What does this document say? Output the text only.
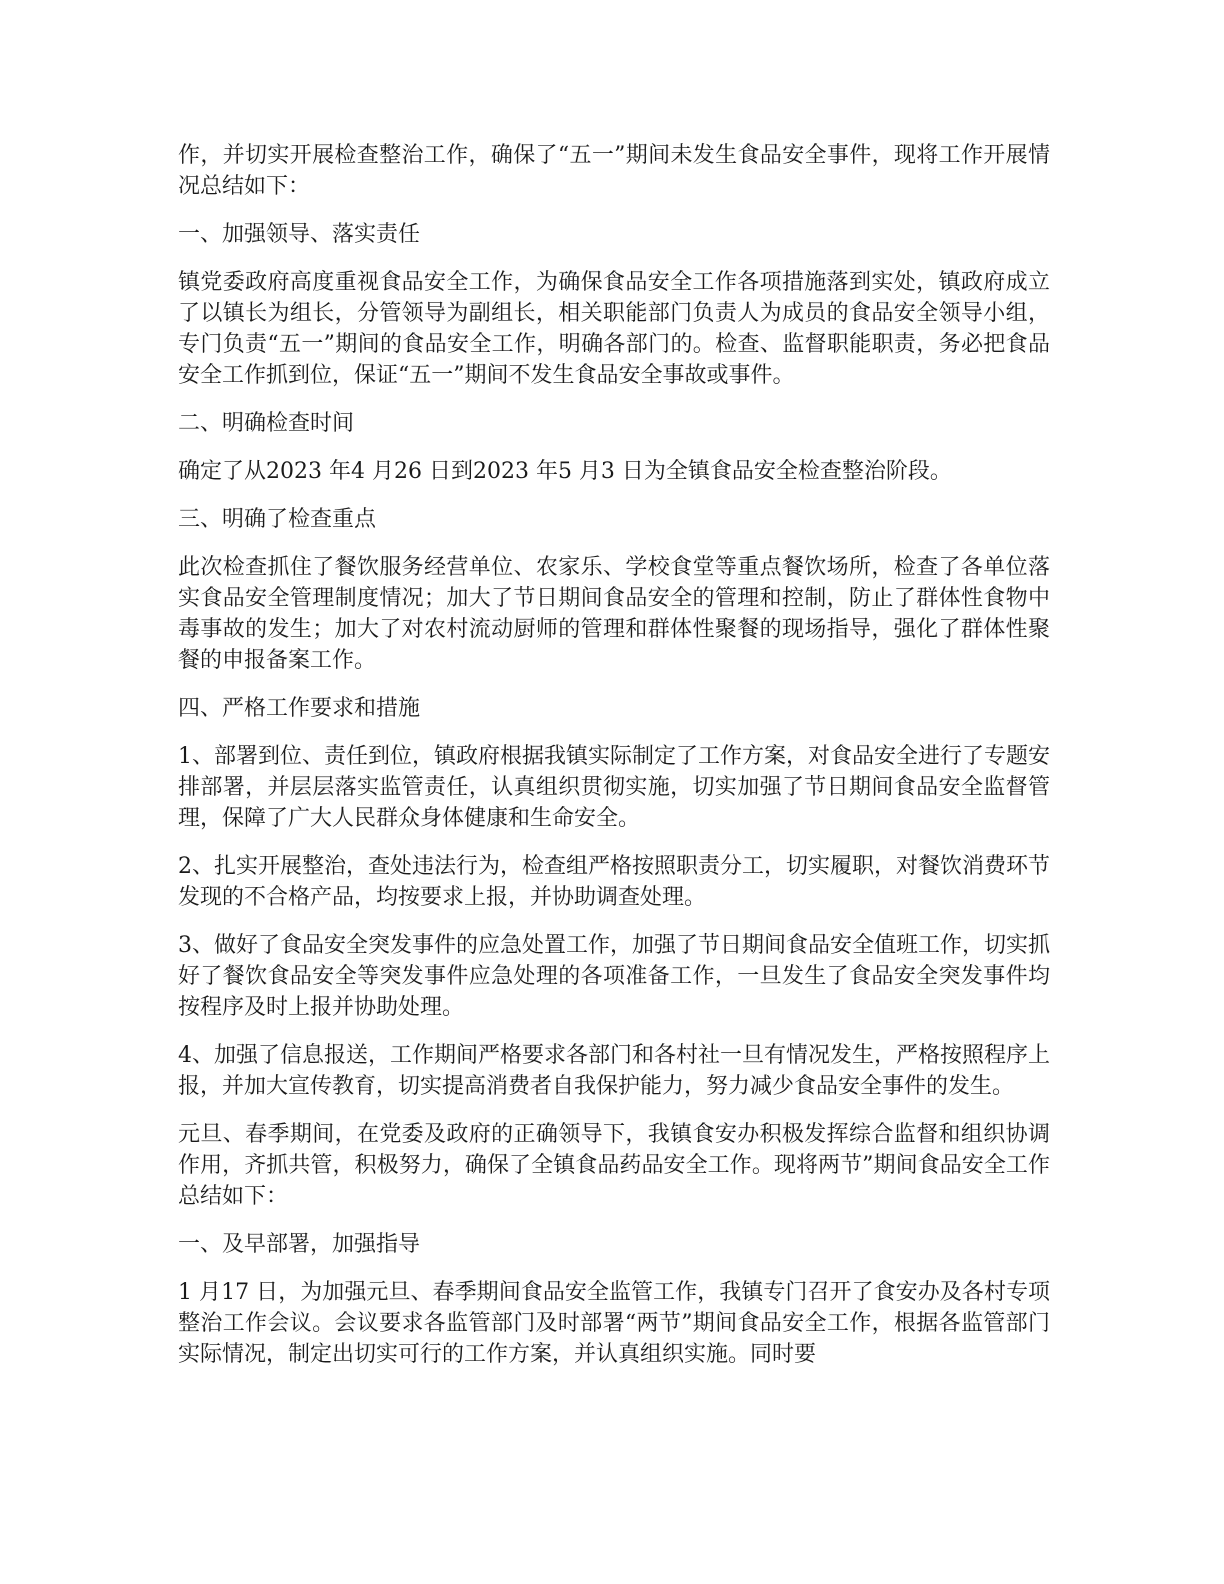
作，并切实开展检查整治工作，确保了“五一”期间未发生食品安全事件，现将工作开展情况总结如下：

一、加强领导、落实责任

镇党委政府高度重视食品安全工作，为确保食品安全工作各项措施落到实处，镇政府成立了以镇长为组长，分管领导为副组长，相关职能部门负责人为成员的食品安全领导小组，专门负责“五一”期间的食品安全工作，明确各部门的。检查、监督职能职责，务必把食品安全工作抓到位，保证“五一”期间不发生食品安全事故或事件。

二、明确检查时间

确定了从2023 年4 月26 日到2023 年5 月3 日为全镇食品安全检查整治阶段。

三、明确了检查重点

此次检查抓住了餐饮服务经营单位、农家乐、学校食堂等重点餐饮场所，检查了各单位落实食品安全管理制度情况；加大了节日期间食品安全的管理和控制，防止了群体性食物中毒事故的发生；加大了对农村流动厨师的管理和群体性聚餐的现场指导，强化了群体性聚餐的申报备案工作。

四、严格工作要求和措施

1、部署到位、责任到位，镇政府根据我镇实际制定了工作方案，对食品安全进行了专题安排部署，并层层落实监管责任，认真组织贯彻实施，切实加强了节日期间食品安全监督管理，保障了广大人民群众身体健康和生命安全。

2、扎实开展整治，查处违法行为，检查组严格按照职责分工，切实履职，对餐饮消费环节发现的不合格产品，均按要求上报，并协助调查处理。

3、做好了食品安全突发事件的应急处置工作，加强了节日期间食品安全值班工作，切实抓好了餐饮食品安全等突发事件应急处理的各项准备工作，一旦发生了食品安全突发事件均按程序及时上报并协助处理。

4、加强了信息报送，工作期间严格要求各部门和各村社一旦有情况发生，严格按照程序上报，并加大宣传教育，切实提高消费者自我保护能力，努力减少食品安全事件的发生。

元旦、春季期间，在党委及政府的正确领导下，我镇食安办积极发挥综合监督和组织协调作用，齐抓共管，积极努力，确保了全镇食品药品安全工作。现将两节”期间食品安全工作总结如下：

一、及早部署，加强指导

1 月17 日，为加强元旦、春季期间食品安全监管工作，我镇专门召开了食安办及各村专项整治工作会议。会议要求各监管部门及时部署“两节”期间食品安全工作，根据各监管部门实际情况，制定出切实可行的工作方案，并认真组织实施。同时要
